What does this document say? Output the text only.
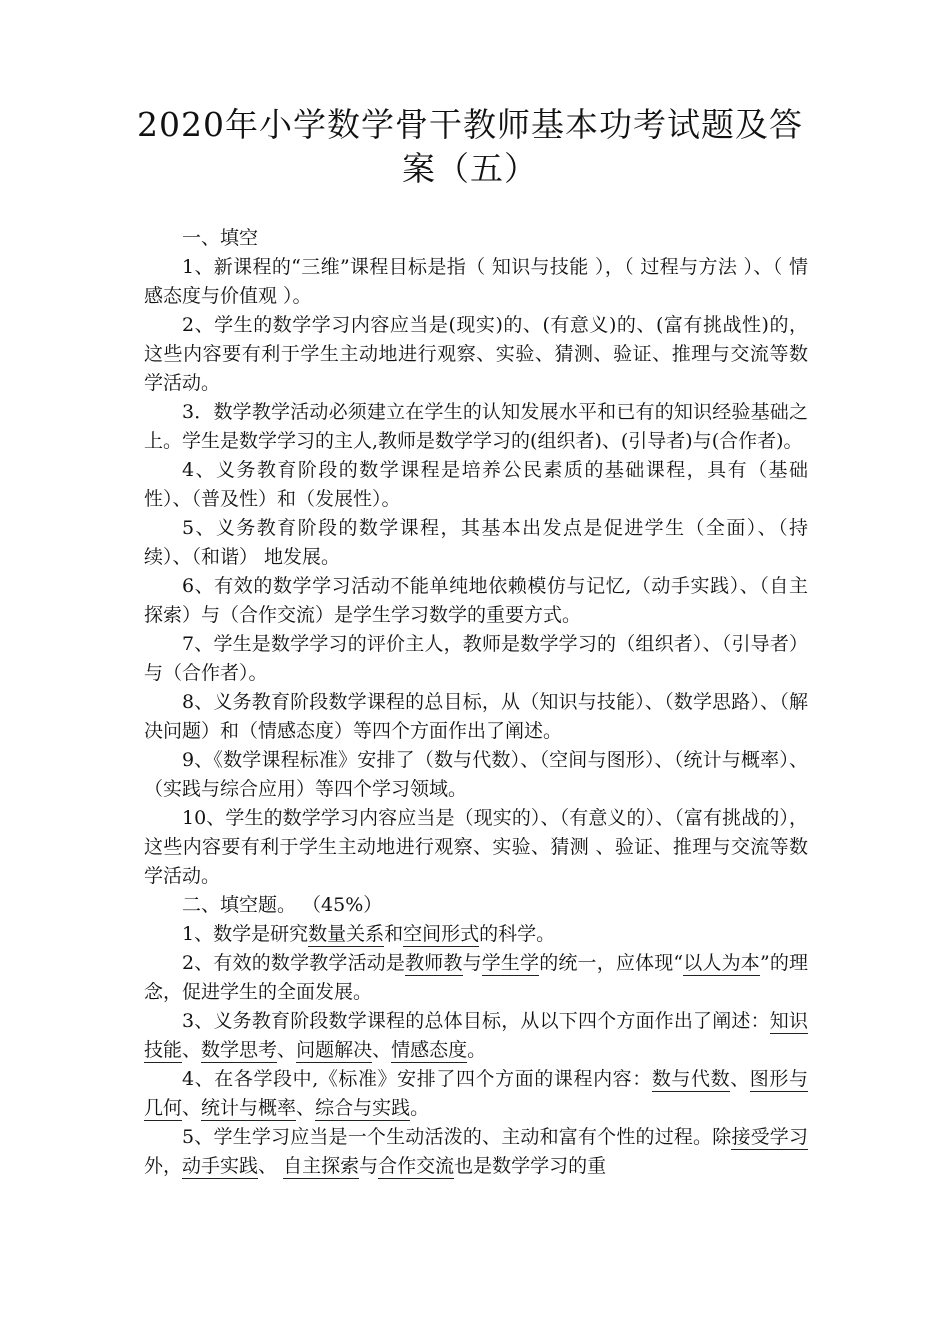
2020年小学数学骨干教师基本功考试题及答
案（五）

一、填空

1、新课程的“三维”课程目标是指（ 知识与技能 ），（ 过程与方法 ）、（ 情感态度与价值观 ）。

2、学生的数学学习内容应当是(现实)的、(有意义)的、(富有挑战性)的，这些内容要有利于学生主动地进行观察、实验、猜测、验证、推理与交流等数学活动。

3．数学教学活动必须建立在学生的认知发展水平和已有的知识经验基础之上。学生是数学学习的主人,教师是数学学习的(组织者)、(引导者)与(合作者)。

4、义务教育阶段的数学课程是培养公民素质的基础课程，具有（基础性）、（普及性）和（发展性）。

5、义务教育阶段的数学课程，其基本出发点是促进学生（全面）、（持续）、（和谐） 地发展。

6、有效的数学学习活动不能单纯地依赖模仿与记忆,（动手实践）、（自主探索）与（合作交流）是学生学习数学的重要方式。

7、学生是数学学习的评价主人，教师是数学学习的（组织者）、（引导者）与（合作者）。

8、义务教育阶段数学课程的总目标，从（知识与技能）、（数学思路）、（解决问题）和（情感态度）等四个方面作出了阐述。

9、《数学课程标准》安排了（数与代数）、（空间与图形）、（统计与概率）、（实践与综合应用）等四个学习领域。

10、学生的数学学习内容应当是（现实的）、（有意义的）、（富有挑战的），这些内容要有利于学生主动地进行观察、实验、猜测 、验证、推理与交流等数学活动。

二、填空题。 （45%）

1、数学是研究数量关系和空间形式的科学。

2、有效的数学教学活动是教师教与学生学的统一，应体现“以人为本”的理念，促进学生的全面发展。

3、义务教育阶段数学课程的总体目标，从以下四个方面作出了阐述：知识技能、数学思考、问题解决、情感态度。

4、在各学段中,《标准》安排了四个方面的课程内容：数与代数、图形与几何、统计与概率、综合与实践。

5、学生学习应当是一个生动活泼的、主动和富有个性的过程。除接受学习外，动手实践、 自主探索与合作交流也是数学学习的重
